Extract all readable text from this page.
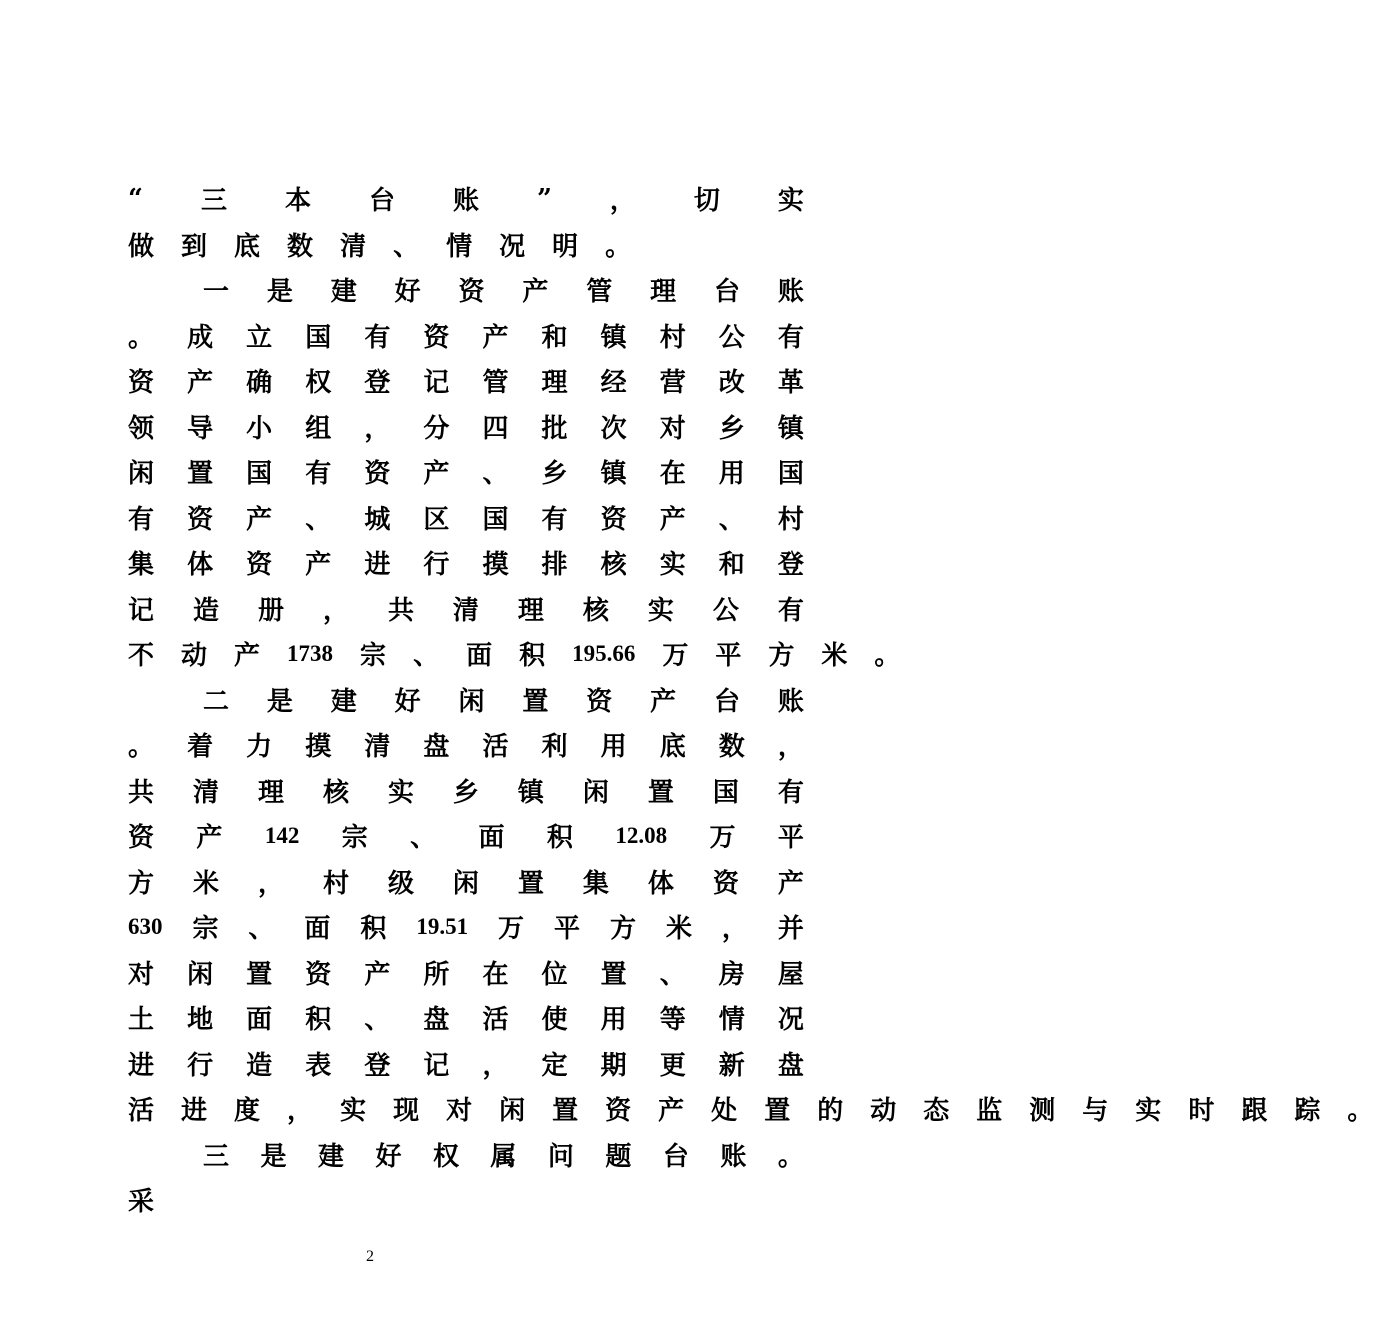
“ 三 本 台 账 ” ， 切 实
做 到 底 数 清 、 情 况 明 。
一 是 建 好 资 产 管 理 台 账
。 成 立 国 有 资 产 和 镇 村 公 有
资 产 确 权 登 记 管 理 经 营 改 革
领 导 小 组 ， 分 四 批 次 对 乡 镇
闲 置 国 有 资 产 、 乡 镇 在 用 国
有 资 产 、 城 区 国 有 资 产 、 村
集 体 资 产 进 行 摸 排 核 实 和 登
记 造 册 ， 共 清 理 核 实 公 有
不 动 产 1738 宗 、 面 积 195.66 万 平 方 米 。
二 是 建 好 闲 置 资 产 台 账
。 着 力 摸 清 盘 活 利 用 底 数 ，
共 清 理 核 实 乡 镇 闲 置 国 有
资 产 142 宗 、 面 积 12.08 万 平
方 米 ， 村 级 闲 置 集 体 资 产
630 宗 、 面 积 19.51 万 平 方 米 ， 并
对 闲 置 资 产 所 在 位 置 、 房 屋
土 地 面 积 、 盘 活 使 用 等 情 况
进 行 造 表 登 记 ， 定 期 更 新 盘
活 进 度 ， 实 现 对 闲 置 资 产 处 置 的 动 态 监 测 与 实 时 跟 踪 。
三 是 建 好 权 属 问 题 台 账 。
采
2
